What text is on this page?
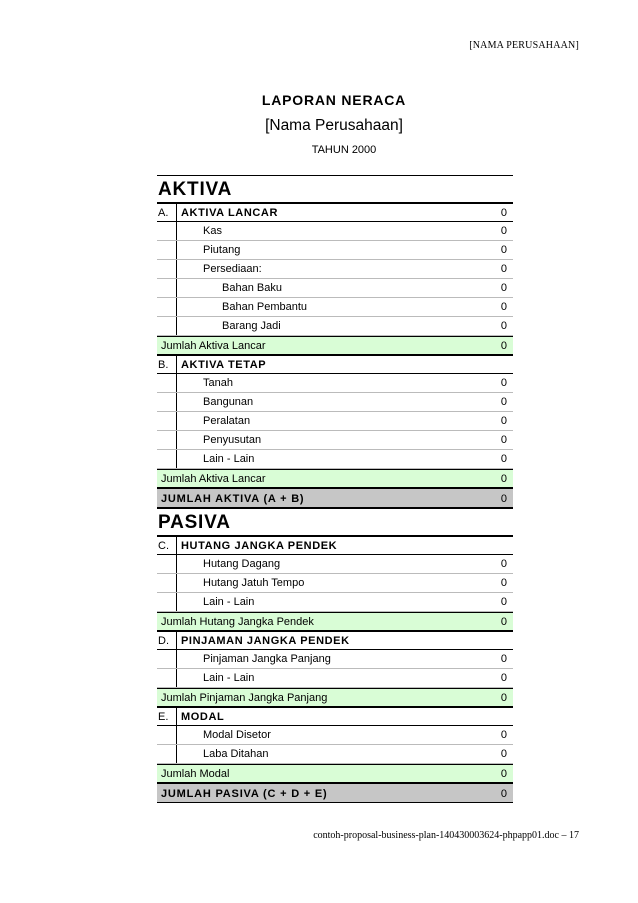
[NAMA PERUSAHAAN]
LAPORAN NERACA
[Nama Perusahaan]
TAHUN 2000
AKTIVA
A.	AKTIVA LANCAR	0
Kas	0
Piutang	0
Persediaan:	0
Bahan Baku	0
Bahan Pembantu	0
Barang Jadi	0
Jumlah Aktiva Lancar	0
B.	AKTIVA TETAP
Tanah	0
Bangunan	0
Peralatan	0
Penyusutan	0
Lain - Lain	0
Jumlah Aktiva Lancar	0
JUMLAH AKTIVA (A + B)	0
PASIVA
C.	HUTANG JANGKA PENDEK
Hutang Dagang	0
Hutang Jatuh Tempo	0
Lain - Lain	0
Jumlah Hutang Jangka Pendek	0
D.	PINJAMAN JANGKA PENDEK
Pinjaman Jangka Panjang	0
Lain - Lain	0
Jumlah Pinjaman Jangka Panjang	0
E.	MODAL
Modal Disetor	0
Laba Ditahan	0
Jumlah Modal	0
JUMLAH PASIVA (C + D + E)	0
contoh-proposal-business-plan-140430003624-phpapp01.doc – 17
